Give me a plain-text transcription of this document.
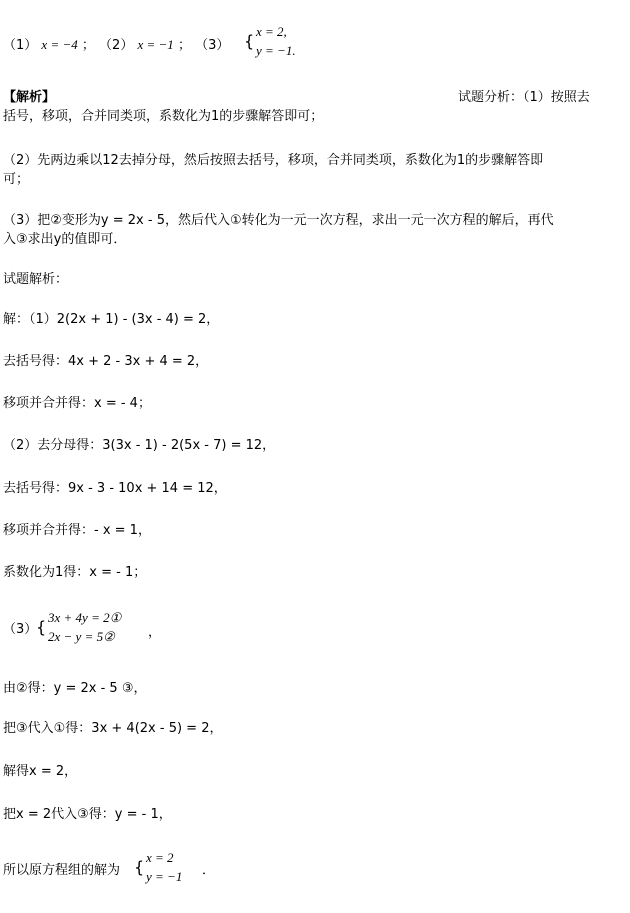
（1） x = −4 ； （2） x = −1 ； （3） { x = 2,
y = −1.
【解析】	试题分析：（1）按照去
括号，移项，合并同类项，系数化为1的步骤解答即可；
（2）先两边乘以12去掉分母，然后按照去括号，移项，合并同类项，系数化为1的步骤解答即
可；
（3）把②变形为y = 2x - 5，然后代入①转化为一元一次方程，求出一元一次方程的解后，再代
入③求出y的值即可．
试题解析：
解：（1）2(2x + 1) - (3x - 4) = 2，
去括号得：4x + 2 - 3x + 4 = 2，
移项并合并得：x = - 4；
（2）去分母得：3(3x - 1) - 2(5x - 7) = 12，
去括号得：9x - 3 - 10x + 14 = 12，
移项并合并得：- x = 1，
系数化为1得：x = - 1；
（3）
{ 3x + 4y = 2①
2x − y = 5②	，
由②得：y = 2x - 5 ③，
把③代入①得：3x + 4(2x - 5) = 2，
解得x = 2，
把x = 2代入③得：y = - 1，
所以原方程组的解为 { x = 2
y = −1 ．
